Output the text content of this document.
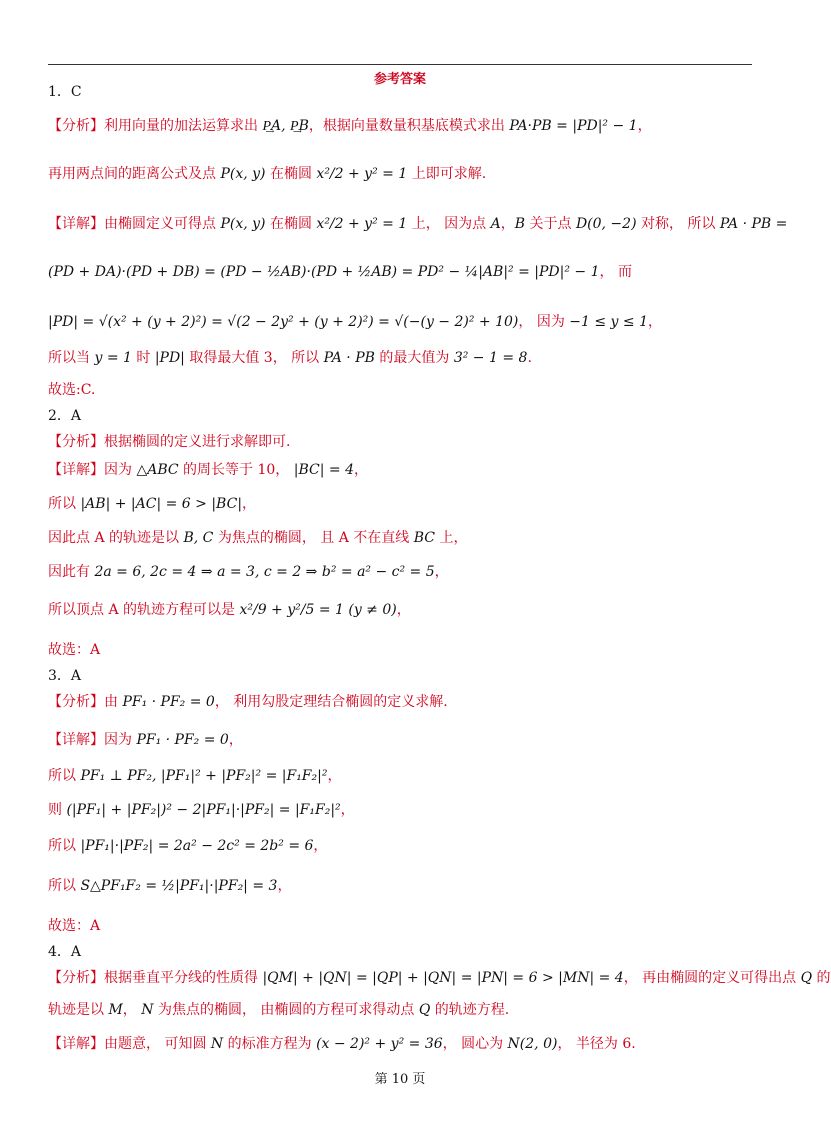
参考答案
1．C
【分析】利用向量的加法运算求出 P͢A, P͢B，根据向量数量积基底模式求出 PA·PB = |PD|² − 1，
再用两点间的距离公式及点 P(x, y) 在椭圆 x²/2 + y² = 1 上即可求解.
【详解】由椭圆定义可得点 P(x, y) 在椭圆 x²/2 + y² = 1 上， 因为点 A，B 关于点 D(0, −2) 对称， 所以 PA · PB =
(PD + DA)·(PD + DB) = (PD − ½AB)·(PD + ½AB) = PD² − ¼|AB|² = |PD|² − 1， 而
|PD| = √(x² + (y + 2)²) = √(2 − 2y² + (y + 2)²) = √(−(y − 2)² + 10)， 因为 −1 ≤ y ≤ 1，
所以当 y = 1 时 |PD| 取得最大值 3， 所以 PA · PB 的最大值为 3² − 1 = 8.
故选:C.
2．A
【分析】根据椭圆的定义进行求解即可.
【详解】因为 △ABC 的周长等于 10， |BC| = 4，
所以 |AB| + |AC| = 6 > |BC|，
因此点 A 的轨迹是以 B, C 为焦点的椭圆， 且 A 不在直线 BC 上，
因此有 2a = 6, 2c = 4 ⇒ a = 3, c = 2 ⇒ b² = a² − c² = 5，
所以顶点 A 的轨迹方程可以是 x²/9 + y²/5 = 1 (y ≠ 0)，
故选：A
3．A
【分析】由 PF₁ · PF₂ = 0， 利用勾股定理结合椭圆的定义求解.
【详解】因为 PF₁ · PF₂ = 0，
所以 PF₁ ⊥ PF₂, |PF₁|² + |PF₂|² = |F₁F₂|²，
则 (|PF₁| + |PF₂|)² − 2|PF₁|·|PF₂| = |F₁F₂|²，
所以 |PF₁|·|PF₂| = 2a² − 2c² = 2b² = 6，
所以 S△PF₁F₂ = ½|PF₁|·|PF₂| = 3，
故选：A
4．A
【分析】根据垂直平分线的性质得 |QM| + |QN| = |QP| + |QN| = |PN| = 6 > |MN| = 4， 再由椭圆的定义可得出点 Q 的
轨迹是以 M， N 为焦点的椭圆， 由椭圆的方程可求得动点 Q 的轨迹方程.
【详解】由题意， 可知圆 N 的标准方程为 (x − 2)² + y² = 36， 圆心为 N(2, 0)， 半径为 6.
第 10 页
